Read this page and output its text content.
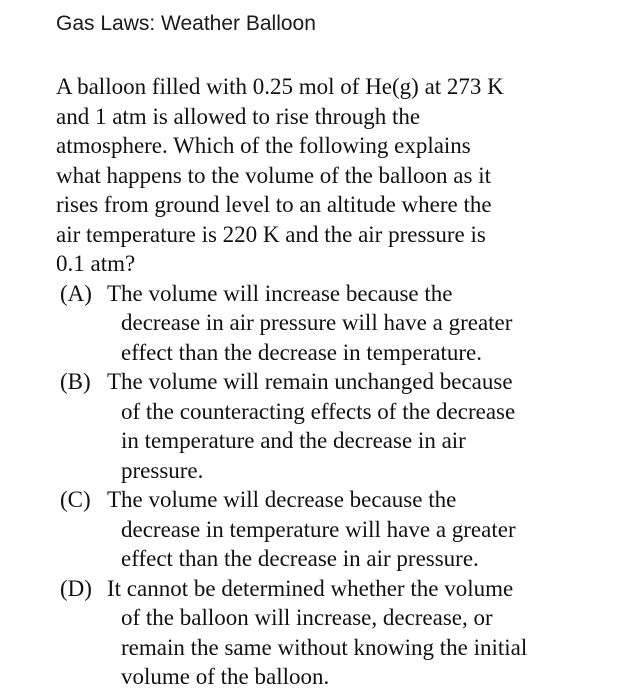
Gas Laws: Weather Balloon
A balloon filled with 0.25 mol of He(g) at 273 K
and 1 atm is allowed to rise through the
atmosphere. Which of the following explains
what happens to the volume of the balloon as it
rises from ground level to an altitude where the
air temperature is 220 K and the air pressure is
0.1 atm?
(A) The volume will increase because the
decrease in air pressure will have a greater
effect than the decrease in temperature.
(B) The volume will remain unchanged because
of the counteracting effects of the decrease
in temperature and the decrease in air
pressure.
(C) The volume will decrease because the
decrease in temperature will have a greater
effect than the decrease in air pressure.
(D) It cannot be determined whether the volume
of the balloon will increase, decrease, or
remain the same without knowing the initial
volume of the balloon.
